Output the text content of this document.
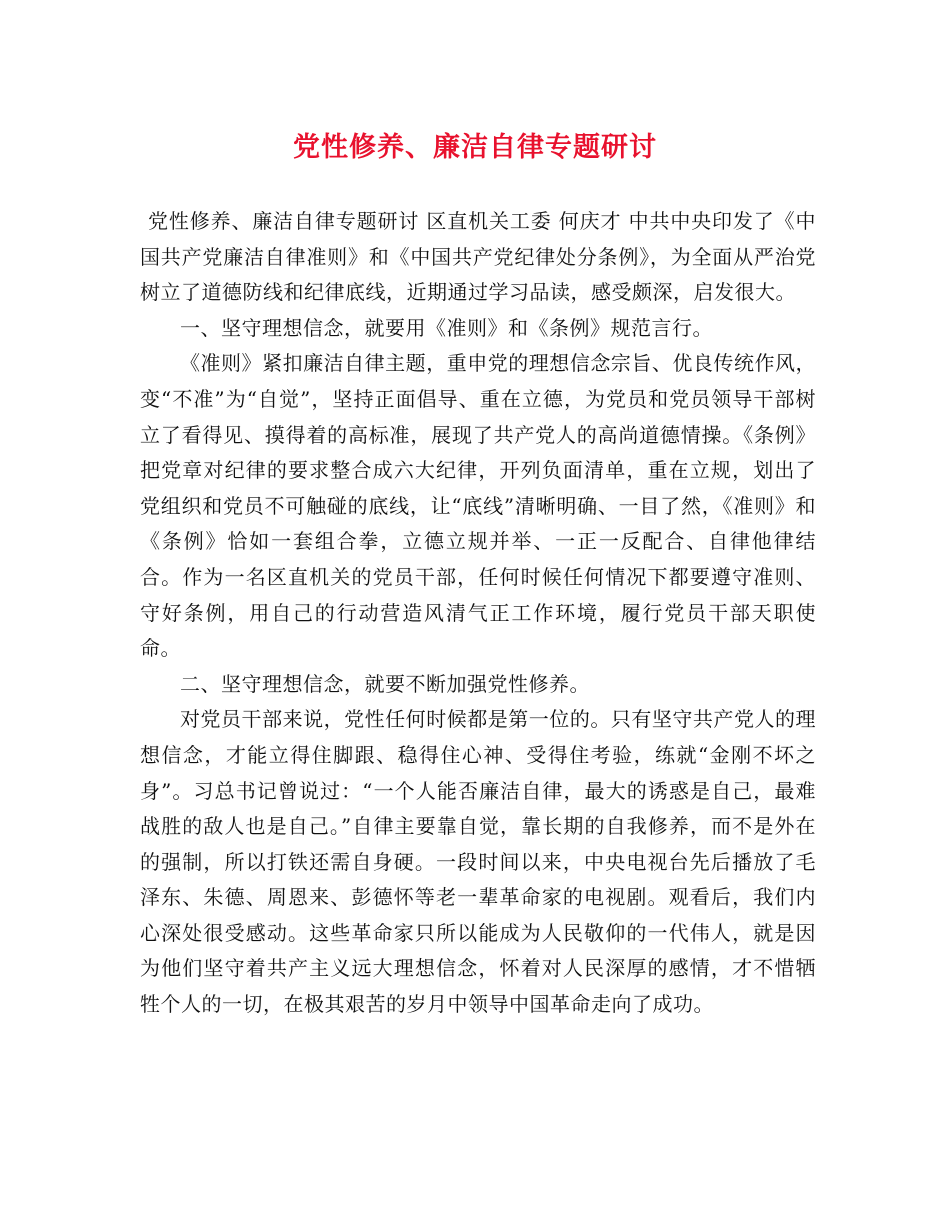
党性修养、廉洁自律专题研讨

党性修养、廉洁自律专题研讨 区直机关工委 何庆才 中共中央印发了《中国共产党廉洁自律准则》和《中国共产党纪律处分条例》，为全面从严治党树立了道德防线和纪律底线，近期通过学习品读，感受颇深，启发很大。

一、坚守理想信念，就要用《准则》和《条例》规范言行。

《准则》紧扣廉洁自律主题，重申党的理想信念宗旨、优良传统作风，变“不准”为“自觉”，坚持正面倡导、重在立德，为党员和党员领导干部树立了看得见、摸得着的高标准，展现了共产党人的高尚道德情操。《条例》把党章对纪律的要求整合成六大纪律，开列负面清单，重在立规，划出了党组织和党员不可触碰的底线，让“底线”清晰明确、一目了然，《准则》和《条例》恰如一套组合拳，立德立规并举、一正一反配合、自律他律结合。作为一名区直机关的党员干部，任何时候任何情况下都要遵守准则、守好条例，用自己的行动营造风清气正工作环境，履行党员干部天职使命。

二、坚守理想信念，就要不断加强党性修养。

对党员干部来说，党性任何时候都是第一位的。只有坚守共产党人的理想信念，才能立得住脚跟、稳得住心神、受得住考验，练就“金刚不坏之身”。习总书记曾说过：“一个人能否廉洁自律，最大的诱惑是自己，最难战胜的敌人也是自己。”自律主要靠自觉，靠长期的自我修养，而不是外在的强制，所以打铁还需自身硬。一段时间以来，中央电视台先后播放了毛泽东、朱德、周恩来、彭德怀等老一辈革命家的电视剧。观看后，我们内心深处很受感动。这些革命家只所以能成为人民敬仰的一代伟人，就是因为他们坚守着共产主义远大理想信念，怀着对人民深厚的感情，才不惜牺牲个人的一切，在极其艰苦的岁月中领导中国革命走向了成功。
